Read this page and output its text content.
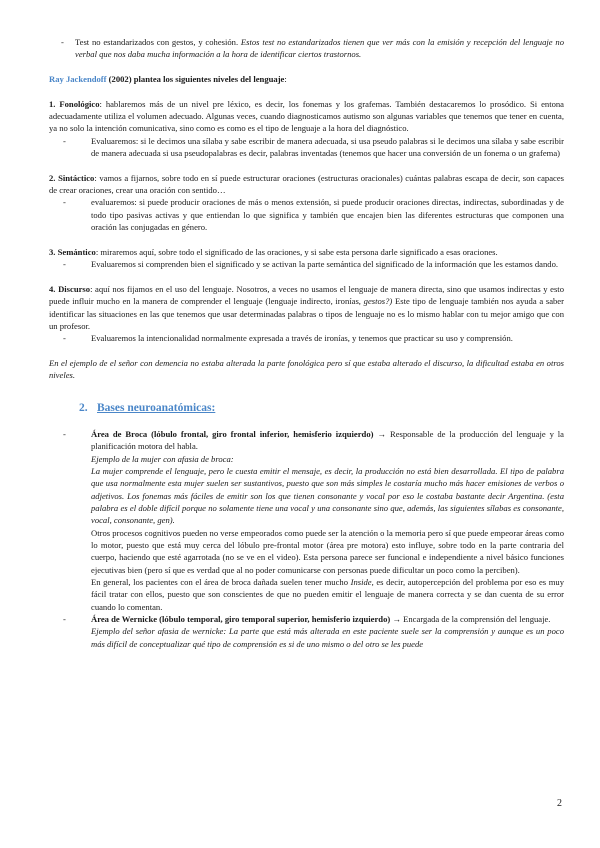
- Test no estandarizados con gestos, y cohesión. Estos test no estandarizados tienen que ver más con la emisión y recepción del lenguaje no verbal que nos daba mucha información a la hora de identificar ciertos trastornos.

Ray Jackendoff (2002) plantea los siguientes niveles del lenguaje:

1. Fonológico: hablaremos más de un nivel pre léxico, es decir, los fonemas y los grafemas. También destacaremos lo prosódico. Si entona adecuadamente utiliza el volumen adecuado. Algunas veces, cuando diagnosticamos autismo son algunas variables que tenemos que tener en cuenta, ya no solo la intención comunicativa, sino como es como es el tipo de lenguaje a la hora del diagnóstico.

-	Evaluaremos: si le decimos una sílaba y sabe escribir de manera adecuada, si usa pseudo palabras si le decimos una sílaba y sabe escribir de manera adecuada si usa pseudopalabras es decir, palabras inventadas (tenemos que hacer una conversión de un fonema o un grafema)

2. Sintáctico: vamos a fijarnos, sobre todo en sí puede estructurar oraciones (estructuras oracionales) cuántas palabras escapa de decir, son capaces de crear oraciones, crear una oración con sentido…

-	evaluaremos: si puede producir oraciones de más o menos extensión, si puede producir oraciones directas, indirectas, subordinadas y de todo tipo pasivas activas y que entiendan lo que significa y también que encajen bien las diferentes estructuras que componen una oración las conjugadas en género.

3. Semántico: miraremos aquí, sobre todo el significado de las oraciones, y si sabe esta persona darle significado a esas oraciones.

-	Evaluaremos si comprenden bien el significado y se activan la parte semántica del significado de la información que les estamos dando.

4. Discurso: aquí nos fijamos en el uso del lenguaje. Nosotros, a veces no usamos el lenguaje de manera directa, sino que usamos indirectas y esto puede influir mucho en la manera de comprender el lenguaje (lenguaje indirecto, ironías, gestos?) Este tipo de lenguaje también nos ayuda a saber identificar las situaciones en las que tenemos que usar determinadas palabras o tipos de lenguaje no es lo mismo hablar con tu mejor amigo que con un profesor.

-	Evaluaremos la intencionalidad normalmente expresada a través de ironías, y tenemos que practicar su uso y comprensión.

En el ejemplo de el señor con demencia no estaba alterada la parte fonológica pero sí que estaba alterado el discurso, la dificultad estaba en otros niveles.

2. Bases neuroanatómicas:

-	Área de Broca (lóbulo frontal, giro frontal inferior, hemisferio izquierdo) → Responsable de la producción del lenguaje y la planificación motora del habla.

Ejemplo de la mujer con afasia de broca:

La mujer comprende el lenguaje, pero le cuesta emitir el mensaje, es decir, la producción no está bien desarrollada. El tipo de palabra que usa normalmente esta mujer suelen ser sustantivos, puesto que son más simples le costaría mucho más hacer emisiones de verbos o adjetivos. Los fonemas más fáciles de emitir son los que tienen consonante y vocal por eso le costaba bastante decir Argentina. (esta palabra es el doble difícil porque no solamente tiene una vocal y una consonante sino que, además, las siguientes sílabas es consonante, vocal, consonante, gen).

Otros procesos cognitivos pueden no verse empeorados como puede ser la atención o la memoria pero sí que puede empeorar áreas como lo motor, puesto que está muy cerca del lóbulo pre-frontal motor (área pre motora) esto influye, sobre todo en la parte contraria del cuerpo, haciendo que esté agarrotada (no se ve en el video). Esta persona parece ser funcional e independiente a nivel básico funciones ejecutivas bien (pero sí que es verdad que al no poder comunicarse con personas puede dificultar un poco como la perciben).

En general, los pacientes con el área de broca dañada suelen tener mucho Inside, es decir, autopercepción del problema por eso es muy fácil tratar con ellos, puesto que son conscientes de que no pueden emitir el lenguaje de manera correcta y se dan cuenta de su error cuando lo comentan.

-	Área de Wernicke (lóbulo temporal, giro temporal superior, hemisferio izquierdo) → Encargada de la comprensión del lenguaje.

Ejemplo del señor afasia de wernicke: La parte que está más alterada en este paciente suele ser la comprensión y aunque es un poco más difícil de conceptualizar qué tipo de comprensión es si de uno mismo o del otro se les puede

2
